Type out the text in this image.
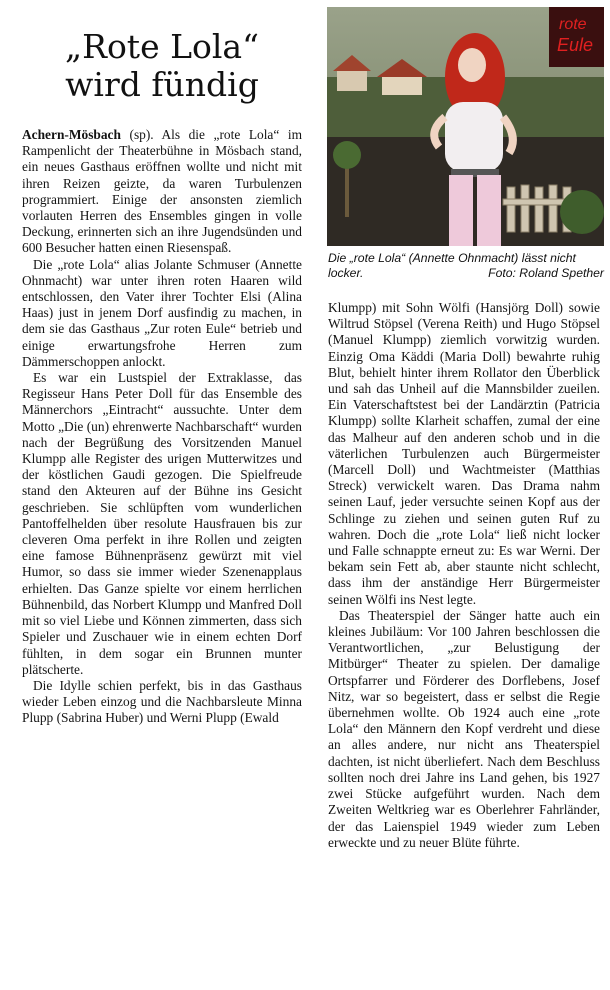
„Rote Lola“
wird fündig

Achern-Mösbach (sp). Als die „rote Lola“ im Rampenlicht der Theaterbühne in Mösbach stand, ein neues Gasthaus eröffnen wollte und nicht mit ihren Reizen geizte, da waren Turbulenzen programmiert. Einige der ansonsten ziemlich vorlauten Herren des Ensembles gingen in volle Deckung, erinnerten sich an ihre Jugendsünden und 600 Besucher hatten einen Riesenspaß.

Die „rote Lola“ alias Jolante Schmuser (Annette Ohnmacht) war unter ihren roten Haaren wild entschlossen, den Vater ihrer Tochter Elsi (Alina Haas) just in jenem Dorf ausfindig zu machen, in dem sie das Gasthaus „Zur roten Eule“ betrieb und einige erwartungsfrohe Herren zum Dämmerschoppen anlockt.

Es war ein Lustspiel der Extraklasse, das Regisseur Hans Peter Doll für das Ensemble des Männerchors „Eintracht“ aussuchte. Unter dem Motto „Die (un) ehrenwerte Nachbarschaft“ wurden nach der Begrüßung des Vorsitzenden Manuel Klumpp alle Register des urigen Mutterwitzes und der köstlichen Gaudi gezogen. Die Spielfreude stand den Akteuren auf der Bühne ins Gesicht geschrieben. Sie schlüpften vom wunderlichen Pantoffelhelden über resolute Hausfrauen bis zur cleveren Oma perfekt in ihre Rollen und zeigten eine famose Bühnenpräsenz gewürzt mit viel Humor, so dass sie immer wieder Szenenapplaus erhielten. Das Ganze spielte vor einem herrlichen Bühnenbild, das Norbert Klumpp und Manfred Doll mit so viel Liebe und Können zimmerten, dass sich Spieler und Zuschauer wie in einem echten Dorf fühlten, in dem sogar ein Brunnen munter plätscherte.

Die Idylle schien perfekt, bis in das Gasthaus wieder Leben einzog und die Nachbarsleute Minna Plupp (Sabrina Huber) und Werni Plupp (Ewald

rote
Eule
Die „rote Lola“ (Annette Ohnmacht) lässt nicht locker.	Foto: Roland Spether

Klumpp) mit Sohn Wölfi (Hansjörg Doll) sowie Wiltrud Stöpsel (Verena Reith) und Hugo Stöpsel (Manuel Klumpp) ziemlich vorwitzig wurden. Einzig Oma Käddi (Maria Doll) bewahrte ruhig Blut, behielt hinter ihrem Rollator den Überblick und sah das Unheil auf die Mannsbilder zueilen. Ein Vaterschaftstest bei der Landärztin (Patricia Klumpp) sollte Klarheit schaffen, zumal der eine das Malheur auf den anderen schob und in die väterlichen Turbulenzen auch Bürgermeister (Marcell Doll) und Wachtmeister (Matthias Streck) verwickelt waren. Das Drama nahm seinen Lauf, jeder versuchte seinen Kopf aus der Schlinge zu ziehen und seinen guten Ruf zu wahren. Doch die „rote Lola“ ließ nicht locker und Falle schnappte erneut zu: Es war Werni. Der bekam sein Fett ab, aber staunte nicht schlecht, dass ihm der anständige Herr Bürgermeister seinen Wölfi ins Nest legte.

Das Theaterspiel der Sänger hatte auch ein kleines Jubiläum: Vor 100 Jahren beschlossen die Verantwortlichen, „zur Belustigung der Mitbürger“ Theater zu spielen. Der damalige Ortspfarrer und Förderer des Dorflebens, Josef Nitz, war so begeistert, dass er selbst die Regie übernehmen wollte. Ob 1924 auch eine „rote Lola“ den Männern den Kopf verdreht und diese an alles andere, nur nicht ans Theaterspiel dachten, ist nicht überliefert. Nach dem Beschluss sollten noch drei Jahre ins Land gehen, bis 1927 zwei Stücke aufgeführt wurden. Nach dem Zweiten Weltkrieg war es Oberlehrer Fahrländer, der das Laienspiel 1949 wieder zum Leben erweckte und zu neuer Blüte führte.
